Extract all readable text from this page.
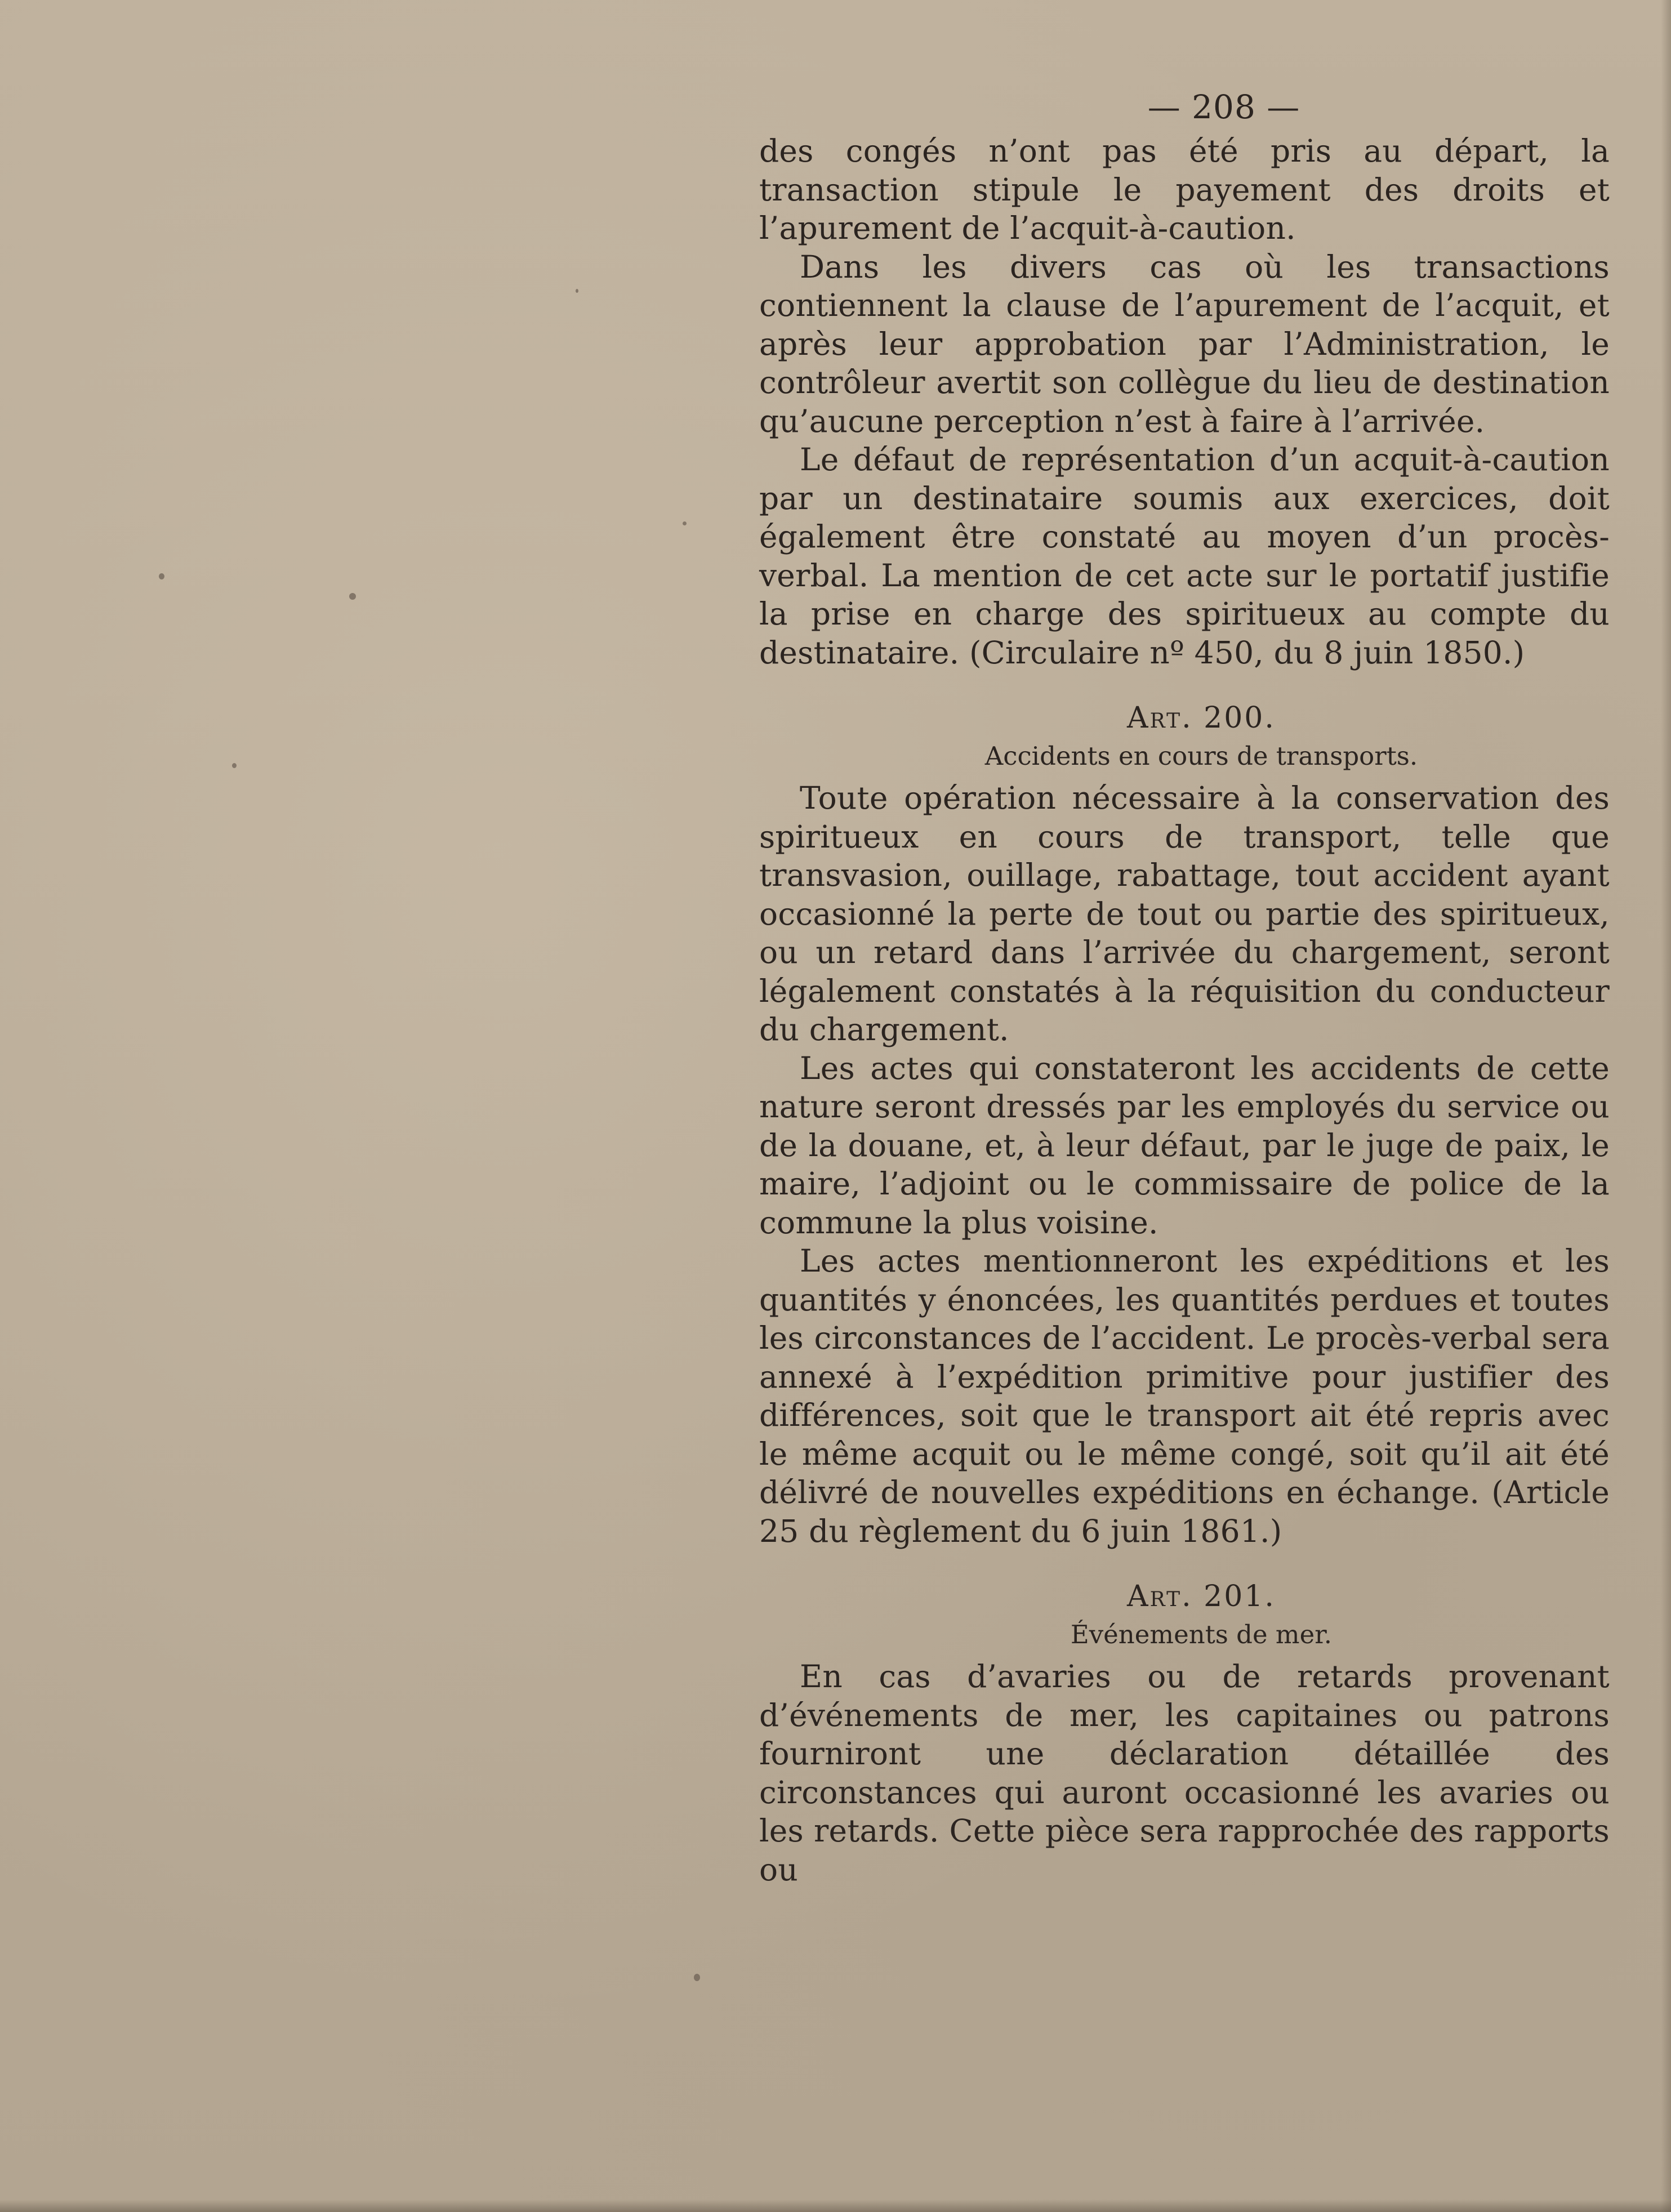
— 208 —

des congés n’ont pas été pris au départ, la transaction stipule le payement des droits et l’apurement de l’acquit-à-caution.

Dans les divers cas où les transactions contiennent la clause de l’apurement de l’acquit, et après leur approbation par l’Administration, le contrôleur avertit son collègue du lieu de destination qu’aucune perception n’est à faire à l’arrivée.

Le défaut de représentation d’un acquit-à-caution par un destinataire soumis aux exercices, doit également être constaté au moyen d’un procès-verbal. La mention de cet acte sur le portatif justifie la prise en charge des spiritueux au compte du destinataire. (Circulaire nº 450, du 8 juin 1850.)

Art. 200.
Accidents en cours de transports.

Toute opération nécessaire à la conservation des spiritueux en cours de transport, telle que transvasion, ouillage, rabattage, tout accident ayant occasionné la perte de tout ou partie des spiritueux, ou un retard dans l’arrivée du chargement, seront légalement constatés à la réquisition du conducteur du chargement.

Les actes qui constateront les accidents de cette nature seront dressés par les employés du service ou de la douane, et, à leur défaut, par le juge de paix, le maire, l’adjoint ou le commissaire de police de la commune la plus voisine.

Les actes mentionneront les expéditions et les quantités y énoncées, les quantités perdues et toutes les circonstances de l’accident. Le procès-verbal sera annexé à l’expédition primitive pour justifier des différences, soit que le transport ait été repris avec le même acquit ou le même congé, soit qu’il ait été délivré de nouvelles expéditions en échange. (Article 25 du règlement du 6 juin 1861.)

Art. 201.
Événements de mer.

En cas d’avaries ou de retards provenant d’événements de mer, les capitaines ou patrons fourniront une déclaration détaillée des circonstances qui auront occasionné les avaries ou les retards. Cette pièce sera rapprochée des rapports ou
